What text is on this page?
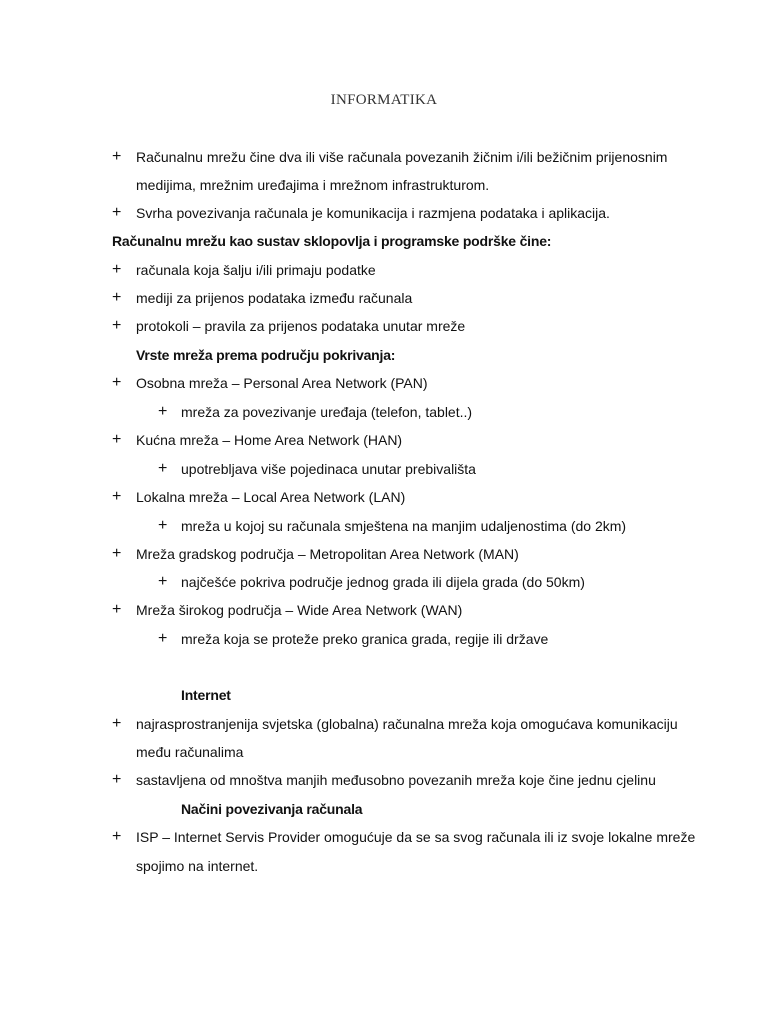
INFORMATIKA
+ Računalnu mrežu čine dva ili više računala povezanih žičnim i/ili bežičnim prijenosnim
medijima, mrežnim uređajima i mrežnom infrastrukturom.
+ Svrha povezivanja računala je komunikacija i razmjena podataka i aplikacija.
Računalnu mrežu kao sustav sklopovlja i programske podrške čine:
+ računala koja šalju i/ili primaju podatke
+ mediji za prijenos podataka između računala
+ protokoli – pravila za prijenos podataka unutar mreže
Vrste mreža prema području pokrivanja:
+ Osobna mreža – Personal Area Network (PAN)
+ mreža za povezivanje uređaja (telefon, tablet..)
+ Kućna mreža – Home Area Network (HAN)
+ upotrebljava više pojedinaca unutar prebivališta
+ Lokalna mreža – Local Area Network (LAN)
+ mreža u kojoj su računala smještena na manjim udaljenostima (do 2km)
+ Mreža gradskog područja – Metropolitan Area Network (MAN)
+ najčešće pokriva područje jednog grada ili dijela grada (do 50km)
+ Mreža širokog područja – Wide Area Network (WAN)
+ mreža koja se proteže preko granica grada, regije ili države
Internet
+ najrasprostranjenija svjetska (globalna) računalna mreža koja omogućava komunikaciju
među računalima
+ sastavljena od mnoštva manjih međusobno povezanih mreža koje čine jednu cjelinu
Načini povezivanja računala
+ ISP – Internet Servis Provider omogućuje da se sa svog računala ili iz svoje lokalne mreže
spojimo na internet.
